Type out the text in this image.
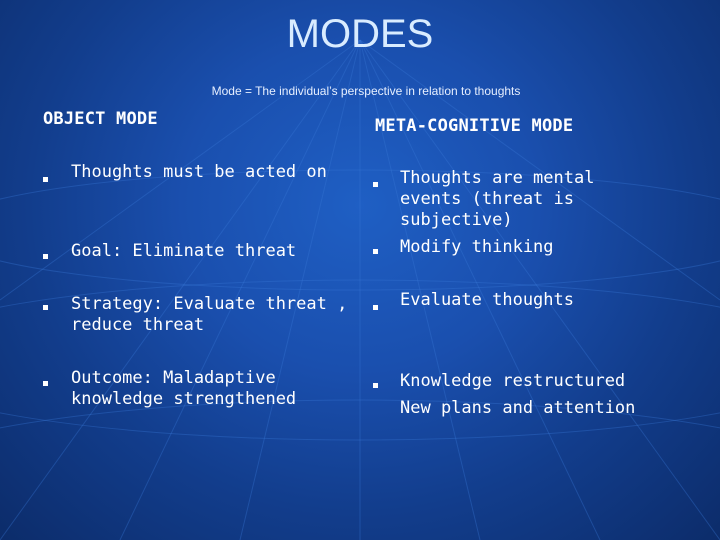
MODES
Mode = The individual’s perspective in relation to thoughts
OBJECT MODE
Thoughts must be acted on
Goal: Eliminate threat
Strategy: Evaluate threat , reduce threat
Outcome: Maladaptive knowledge strengthened
META-COGNITIVE MODE
Thoughts are mental events (threat is subjective)
Modify thinking
Evaluate thoughts
Knowledge restructured New plans and attention
